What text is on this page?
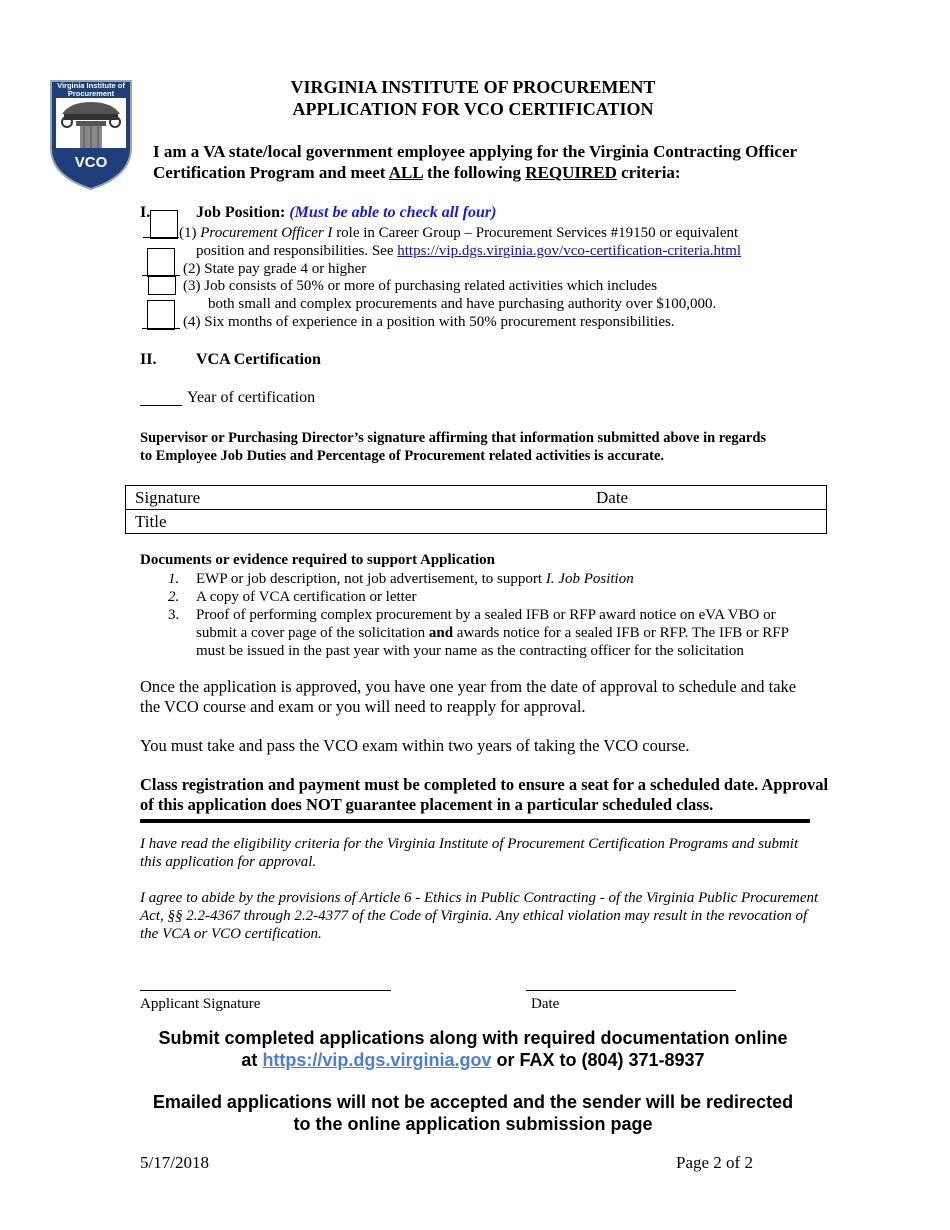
Virginia Institute of Procurement
VCO
VIRGINIA INSTITUTE OF PROCUREMENT
APPLICATION FOR VCO CERTIFICATION
I am a VA state/local government employee applying for the Virginia Contracting Officer Certification Program and meet ALL the following REQUIRED criteria:
I.	Job Position: (Must be able to check all four)
(1) Procurement Officer I role in Career Group – Procurement Services #19150 or equivalent
position and responsibilities. See https://vip.dgs.virginia.gov/vco-certification-criteria.html
(2) State pay grade 4 or higher
(3) Job consists of 50% or more of purchasing related activities which includes
both small and complex procurements and have purchasing authority over $100,000.
(4) Six months of experience in a position with 50% procurement responsibilities.
II. VCA Certification
Year of certification
Supervisor or Purchasing Director’s signature affirming that information submitted above in regards to Employee Job Duties and Percentage of Procurement related activities is accurate.
Signature	Date
Title
Documents or evidence required to support Application
1. EWP or job description, not job advertisement, to support I. Job Position
2. A copy of VCA certification or letter
3. Proof of performing complex procurement by a sealed IFB or RFP award notice on eVA VBO or submit a cover page of the solicitation and awards notice for a sealed IFB or RFP. The IFB or RFP must be issued in the past year with your name as the contracting officer for the solicitation
Once the application is approved, you have one year from the date of approval to schedule and take the VCO course and exam or you will need to reapply for approval.
You must take and pass the VCO exam within two years of taking the VCO course.
Class registration and payment must be completed to ensure a seat for a scheduled date. Approval of this application does NOT guarantee placement in a particular scheduled class.
I have read the eligibility criteria for the Virginia Institute of Procurement Certification Programs and submit this application for approval.
I agree to abide by the provisions of Article 6 - Ethics in Public Contracting - of the Virginia Public Procurement Act, §§ 2.2-4367 through 2.2-4377 of the Code of Virginia. Any ethical violation may result in the revocation of the VCA or VCO certification.
Applicant Signature	Date
Submit completed applications along with required documentation online
at https://vip.dgs.virginia.gov or FAX to (804) 371-8937
Emailed applications will not be accepted and the sender will be redirected
to the online application submission page
5/17/2018	Page 2 of 2
